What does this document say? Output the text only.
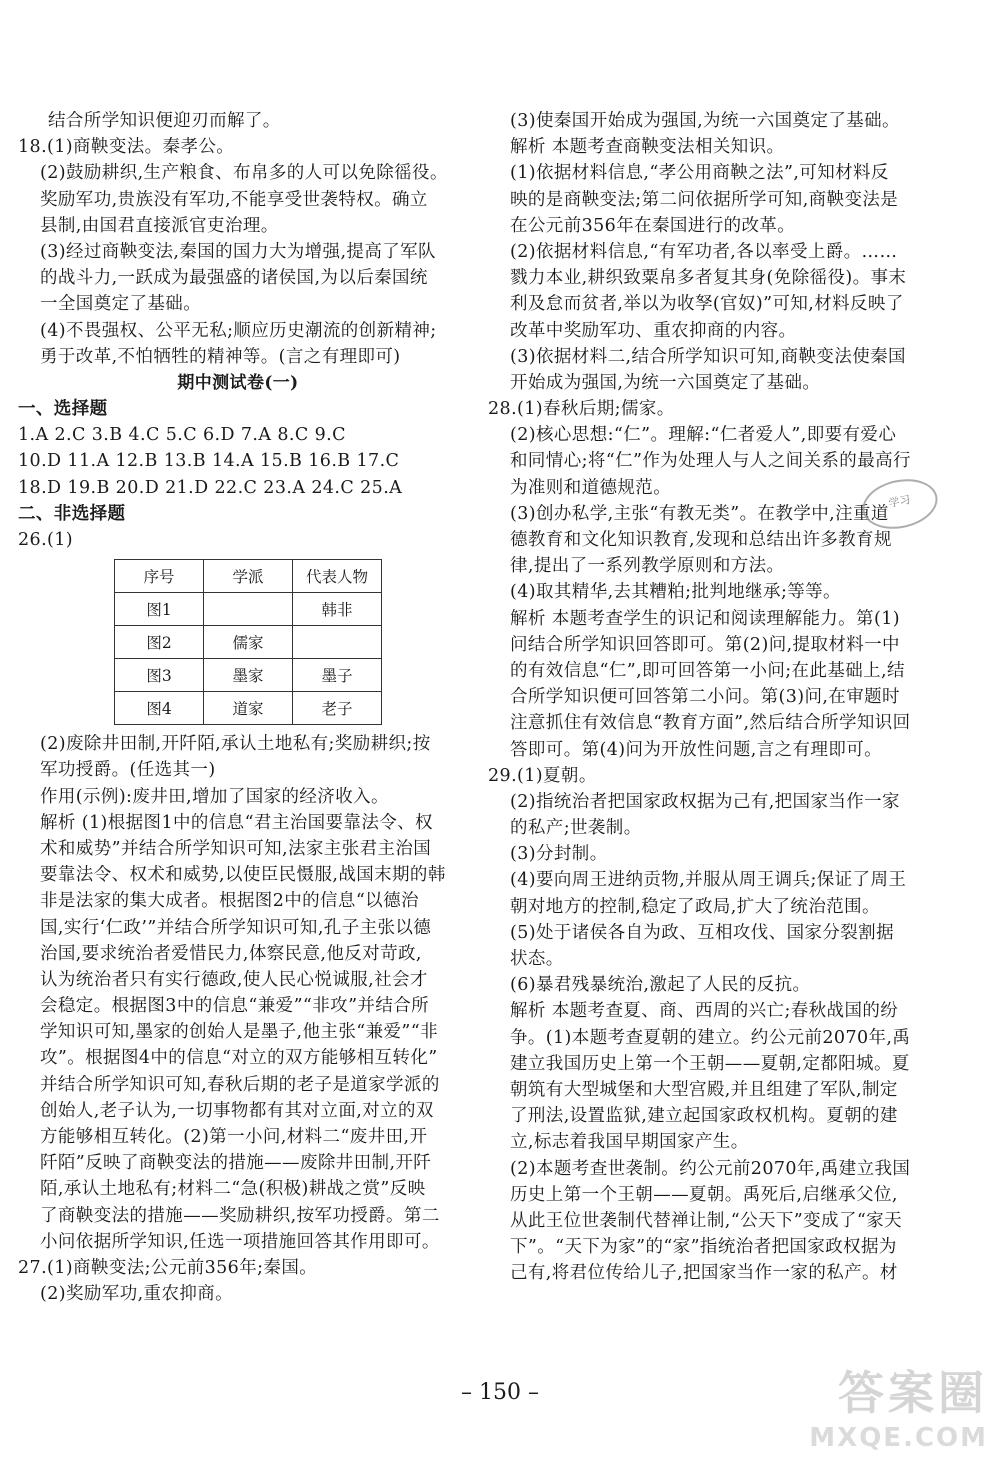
结合所学知识便迎刃而解了。
18.(1)商鞅变法。秦孝公。
(2)鼓励耕织,生产粮食、布帛多的人可以免除徭役。
奖励军功,贵族没有军功,不能享受世袭特权。确立
县制,由国君直接派官吏治理。
(3)经过商鞅变法,秦国的国力大为增强,提高了军队
的战斗力,一跃成为最强盛的诸侯国,为以后秦国统
一全国奠定了基础。
(4)不畏强权、公平无私;顺应历史潮流的创新精神;
勇于改革,不怕牺牲的精神等。(言之有理即可)
期中测试卷(一)
一、选择题
1.A 2.C 3.B 4.C 5.C 6.D 7.A 8.C 9.C
10.D 11.A 12.B 13.B 14.A 15.B 16.B 17.C
18.D 19.B 20.D 21.D 22.C 23.A 24.C 25.A
二、非选择题
26.(1)
序号	学派	代表人物
图1		韩非
图2	儒家	
图3	墨家	墨子
图4	道家	老子
(2)废除井田制,开阡陌,承认土地私有;奖励耕织;按
军功授爵。(任选其一)
作用(示例):废井田,增加了国家的经济收入。
解析 (1)根据图1中的信息“君主治国要靠法令、权
术和威势”并结合所学知识可知,法家主张君主治国
要靠法令、权术和威势,以使臣民慑服,战国末期的韩
非是法家的集大成者。根据图2中的信息“以德治
国,实行‘仁政’”并结合所学知识可知,孔子主张以德
治国,要求统治者爱惜民力,体察民意,他反对苛政,
认为统治者只有实行德政,使人民心悦诚服,社会才
会稳定。根据图3中的信息“兼爱”“非攻”并结合所
学知识可知,墨家的创始人是墨子,他主张“兼爱”“非
攻”。根据图4中的信息“对立的双方能够相互转化”
并结合所学知识可知,春秋后期的老子是道家学派的
创始人,老子认为,一切事物都有其对立面,对立的双
方能够相互转化。(2)第一小问,材料二“废井田,开
阡陌”反映了商鞅变法的措施——废除井田制,开阡
陌,承认土地私有;材料二“急(积极)耕战之赏”反映
了商鞅变法的措施——奖励耕织,按军功授爵。第二
小问依据所学知识,任选一项措施回答其作用即可。
27.(1)商鞅变法;公元前356年;秦国。
(2)奖励军功,重农抑商。
(3)使秦国开始成为强国,为统一六国奠定了基础。
解析 本题考查商鞅变法相关知识。
(1)依据材料信息,“孝公用商鞅之法”,可知材料反
映的是商鞅变法;第二问依据所学可知,商鞅变法是
在公元前356年在秦国进行的改革。
(2)依据材料信息,“有军功者,各以率受上爵。……
戮力本业,耕织致粟帛多者复其身(免除徭役)。事末
利及怠而贫者,举以为收孥(官奴)”可知,材料反映了
改革中奖励军功、重农抑商的内容。
(3)依据材料二,结合所学知识可知,商鞅变法使秦国
开始成为强国,为统一六国奠定了基础。
28.(1)春秋后期;儒家。
(2)核心思想:“仁”。理解:“仁者爱人”,即要有爱心
和同情心;将“仁”作为处理人与人之间关系的最高行
为准则和道德规范。
(3)创办私学,主张“有教无类”。在教学中,注重道
德教育和文化知识教育,发现和总结出许多教育规
律,提出了一系列教学原则和方法。
(4)取其精华,去其糟粕;批判地继承;等等。
解析 本题考查学生的识记和阅读理解能力。第(1)
问结合所学知识回答即可。第(2)问,提取材料一中
的有效信息“仁”,即可回答第一小问;在此基础上,结
合所学知识便可回答第二小问。第(3)问,在审题时
注意抓住有效信息“教育方面”,然后结合所学知识回
答即可。第(4)问为开放性问题,言之有理即可。
29.(1)夏朝。
(2)指统治者把国家政权据为己有,把国家当作一家
的私产;世袭制。
(3)分封制。
(4)要向周王进纳贡物,并服从周王调兵;保证了周王
朝对地方的控制,稳定了政局,扩大了统治范围。
(5)处于诸侯各自为政、互相攻伐、国家分裂割据
状态。
(6)暴君残暴统治,激起了人民的反抗。
解析 本题考查夏、商、西周的兴亡;春秋战国的纷
争。(1)本题考查夏朝的建立。约公元前2070年,禹
建立我国历史上第一个王朝——夏朝,定都阳城。夏
朝筑有大型城堡和大型宫殿,并且组建了军队,制定
了刑法,设置监狱,建立起国家政权机构。夏朝的建
立,标志着我国早期国家产生。
(2)本题考查世袭制。约公元前2070年,禹建立我国
历史上第一个王朝——夏朝。禹死后,启继承父位,
从此王位世袭制代替禅让制,“公天下”变成了“家天
下”。“天下为家”的“家”指统治者把国家政权据为
己有,将君位传给儿子,把国家当作一家的私产。材
学习
– 150 –	答案圈
MXQE.COM
